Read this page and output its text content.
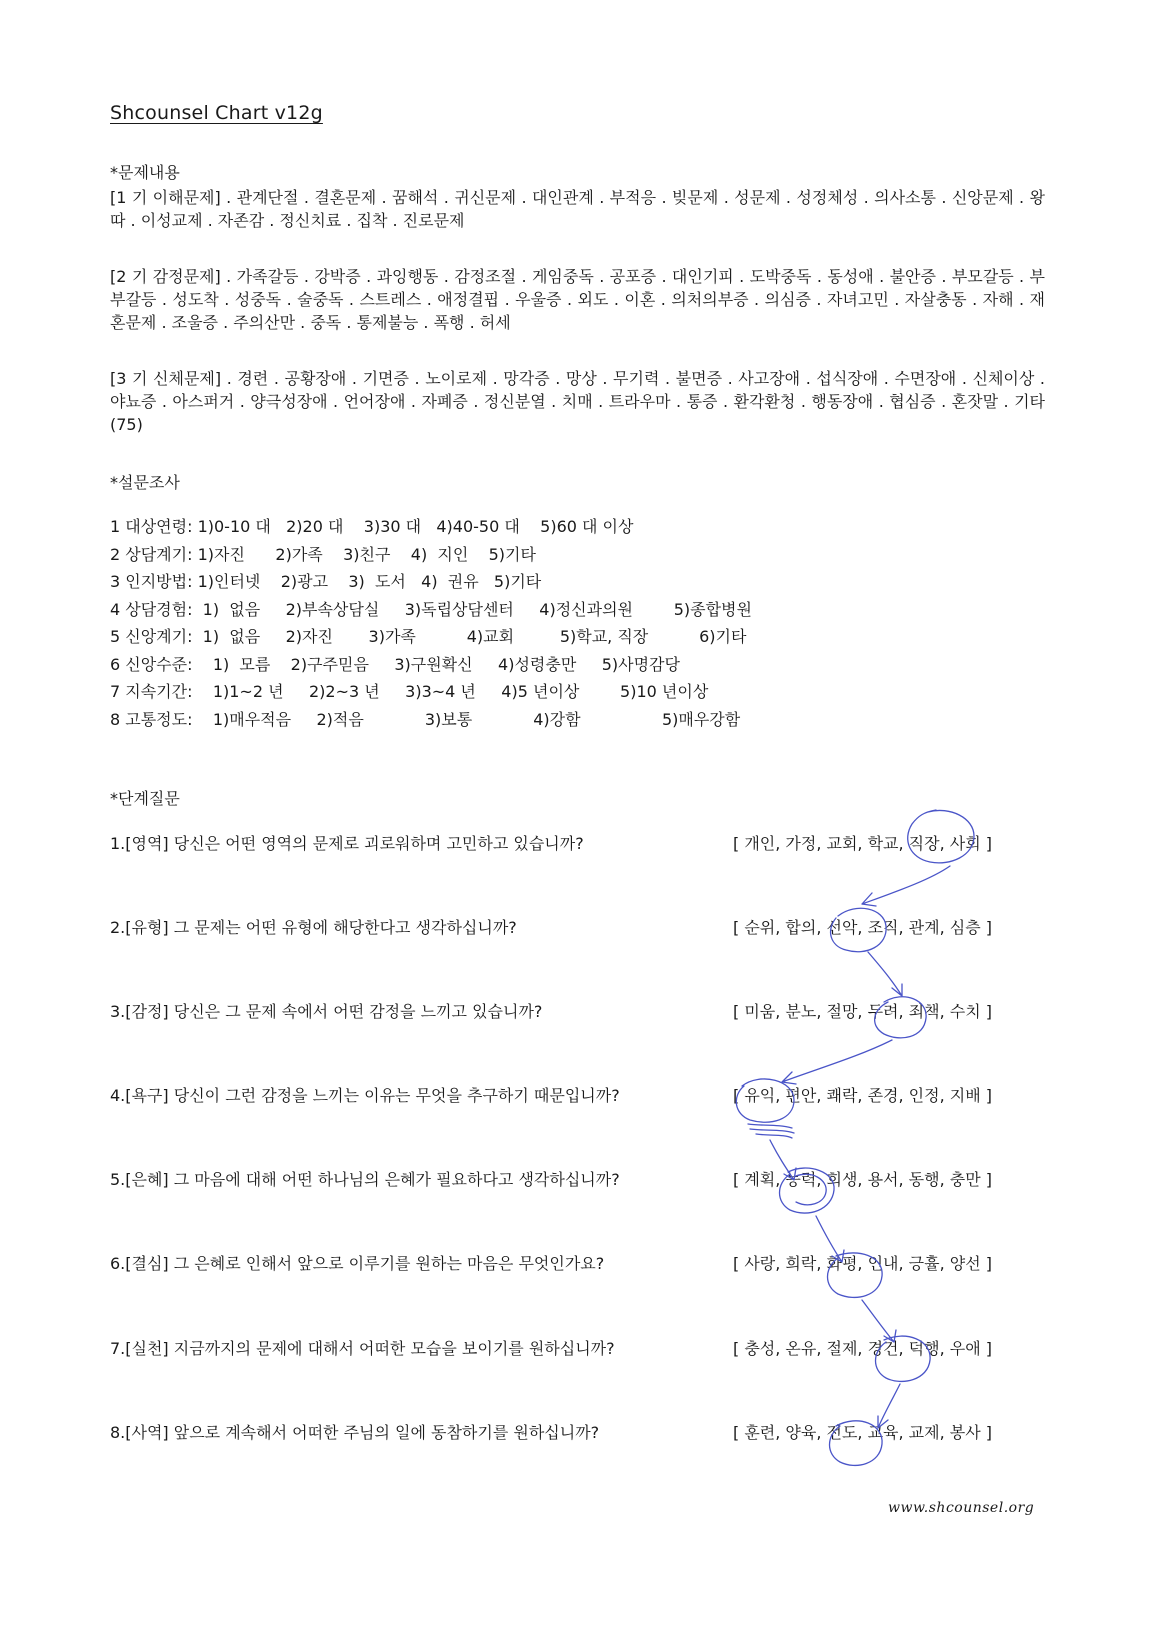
Shcounsel Chart v12g
*문제내용
[1 기 이해문제] . 관계단절 . 결혼문제 . 꿈해석 . 귀신문제 . 대인관계 . 부적응 . 빚문제 . 성문제 . 성정체성 . 의사소통 . 신앙문제 . 왕따 . 이성교제 . 자존감 . 정신치료 . 집착 . 진로문제
[2 기 감정문제] . 가족갈등 . 강박증 . 과잉행동 . 감정조절 . 게임중독 . 공포증 . 대인기피 . 도박중독 . 동성애 . 불안증 . 부모갈등 . 부부갈등 . 성도착 . 성중독 . 술중독 . 스트레스 . 애정결핍 . 우울증 . 외도 . 이혼 . 의처의부증 . 의심증 . 자녀고민 . 자살충동 . 자해 . 재혼문제 . 조울증 . 주의산만 . 중독 . 통제불능 . 폭행 . 허세
[3 기 신체문제] . 경련 . 공황장애 . 기면증 . 노이로제 . 망각증 . 망상 . 무기력 . 불면증 . 사고장애 . 섭식장애 . 수면장애 . 신체이상 . 야뇨증 . 아스퍼거 . 양극성장애 . 언어장애 . 자폐증 . 정신분열 . 치매 . 트라우마 . 통증 . 환각환청 . 행동장애 . 협심증 . 혼잣말 . 기타(75)
*설문조사
1 대상연령: 1)0-10 대   2)20 대    3)30 대   4)40-50 대    5)60 대 이상
2 상담계기: 1)자진      2)가족    3)친구    4)  지인    5)기타
3 인지방법: 1)인터넷    2)광고    3)  도서   4)  권유   5)기타
4 상담경험:  1)  없음     2)부속상담실     3)독립상담센터     4)정신과의원        5)종합병원
5 신앙계기:  1)  없음     2)자진       3)가족          4)교회         5)학교, 직장          6)기타
6 신앙수준:    1)  모름    2)구주믿음     3)구원확신     4)성령충만     5)사명감당
7 지속기간:    1)1~2 년     2)2~3 년     3)3~4 년     4)5 년이상        5)10 년이상
8 고통정도:    1)매우적음     2)적음            3)보통            4)강함                5)매우강함
*단계질문
1.[영역] 당신은 어떤 영역의 문제로 괴로워하며 고민하고 있습니까?	[ 개인, 가정, 교회, 학교, 직장, 사회 ]
2.[유형] 그 문제는 어떤 유형에 해당한다고 생각하십니까?	[ 순위, 합의, 선악, 조직, 관계, 심층 ]
3.[감정] 당신은 그 문제 속에서 어떤 감정을 느끼고 있습니까?	[ 미움, 분노, 절망, 두려, 죄책, 수치 ]
4.[욕구] 당신이 그런 감정을 느끼는 이유는 무엇을 추구하기 때문입니까?	[ 유익, 편안, 쾌락, 존경, 인정, 지배 ]
5.[은혜] 그 마음에 대해 어떤 하나님의 은혜가 필요하다고 생각하십니까?	[ 계획, 능력, 희생, 용서, 동행, 충만 ]
6.[결심] 그 은혜로 인해서 앞으로 이루기를 원하는 마음은 무엇인가요?	[ 사랑, 희락, 화평, 인내, 긍휼, 양선 ]
7.[실천] 지금까지의 문제에 대해서 어떠한 모습을 보이기를 원하십니까?	[ 충성, 온유, 절제, 경건, 덕행, 우애 ]
8.[사역] 앞으로 계속해서 어떠한 주님의 일에 동참하기를 원하십니까?	[ 훈련, 양육, 전도, 교육, 교제, 봉사 ]
www.shcounsel.org
